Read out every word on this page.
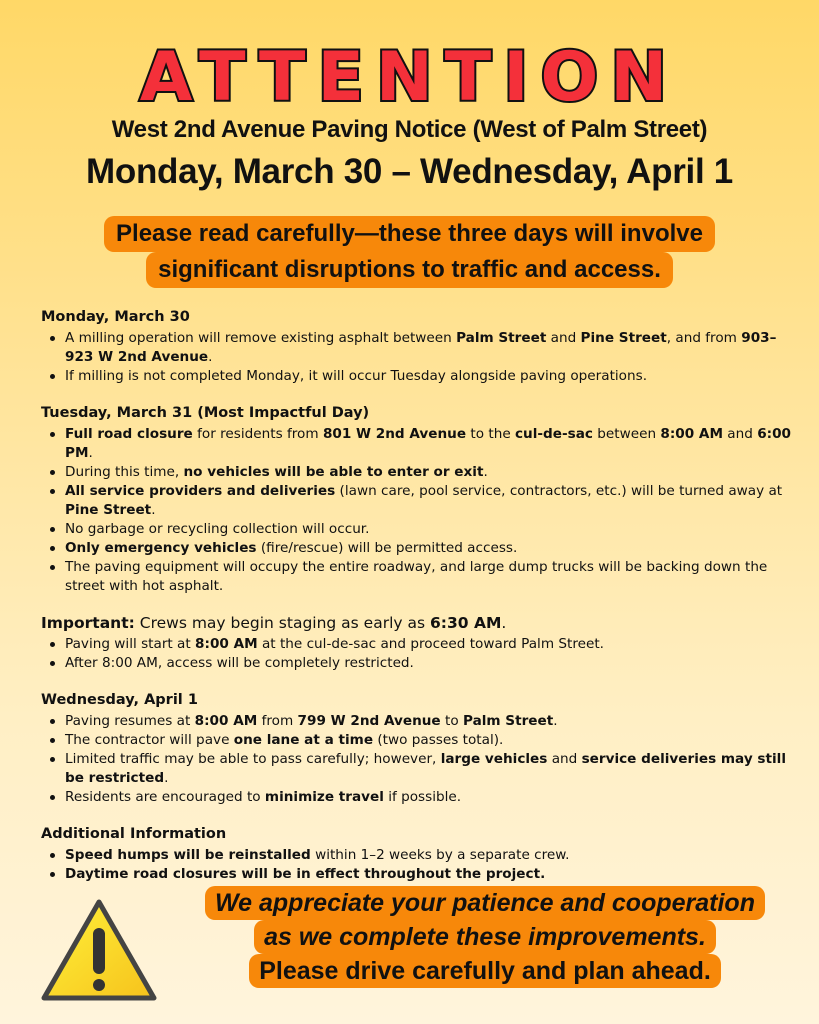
ATTENTION
West 2nd Avenue Paving Notice (West of Palm Street)
Monday, March 30 – Wednesday, April 1
Please read carefully—these three days will involve
significant disruptions to traffic and access.
Monday, March 30
A milling operation will remove existing asphalt between Palm Street and Pine Street, and from 903–923 W 2nd Avenue.
If milling is not completed Monday, it will occur Tuesday alongside paving operations.
Tuesday, March 31 (Most Impactful Day)
Full road closure for residents from 801 W 2nd Avenue to the cul-de-sac between 8:00 AM and 6:00 PM.
During this time, no vehicles will be able to enter or exit.
All service providers and deliveries (lawn care, pool service, contractors, etc.) will be turned away at Pine Street.
No garbage or recycling collection will occur.
Only emergency vehicles (fire/rescue) will be permitted access.
The paving equipment will occupy the entire roadway, and large dump trucks will be backing down the street with hot asphalt.
Important: Crews may begin staging as early as 6:30 AM.
Paving will start at 8:00 AM at the cul-de-sac and proceed toward Palm Street.
After 8:00 AM, access will be completely restricted.
Wednesday, April 1
Paving resumes at 8:00 AM from 799 W 2nd Avenue to Palm Street.
The contractor will pave one lane at a time (two passes total).
Limited traffic may be able to pass carefully; however, large vehicles and service deliveries may still be restricted.
Residents are encouraged to minimize travel if possible.
Additional Information
Speed humps will be reinstalled within 1–2 weeks by a separate crew.
Daytime road closures will be in effect throughout the project.
We appreciate your patience and cooperation
as we complete these improvements.
Please drive carefully and plan ahead.
